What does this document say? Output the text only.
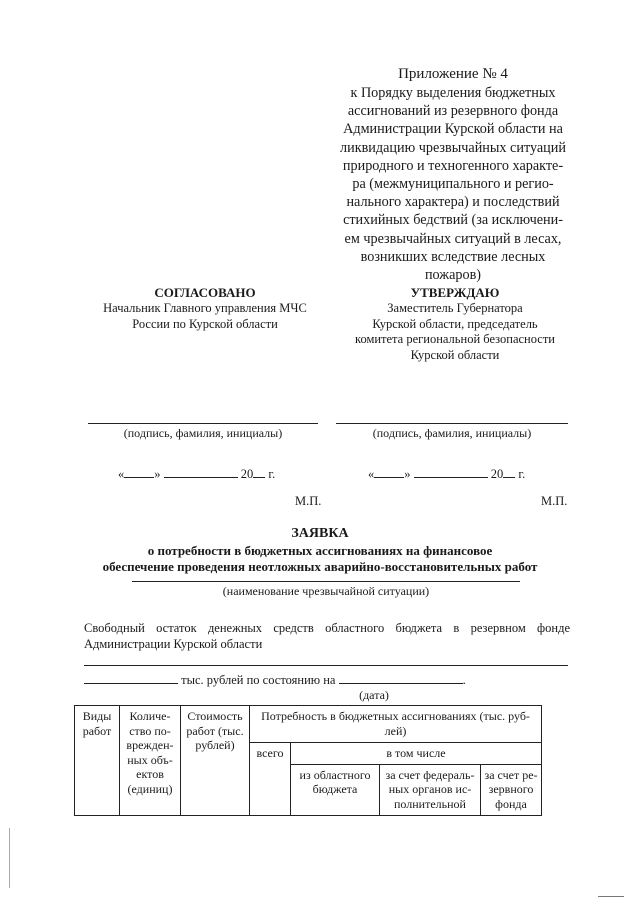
Приложение № 4
к Порядку выделения бюджетных
ассигнований из резервного фонда
Администрации Курской области на
ликвидацию чрезвычайных ситуаций
природного и техногенного характе-
ра (межмуниципального и регио-
нального характера) и последствий
стихийных бедствий (за исключени-
ем чрезвычайных ситуаций в лесах,
возникших вследствие лесных
пожаров)
СОГЛАСОВАНО
Начальник Главного управления МЧС
России по Курской области
УТВЕРЖДАЮ
Заместитель Губернатора
Курской области, председатель
комитета региональной безопасности
Курской области
(подпись, фамилия, инициалы)	(подпись, фамилия, инициалы)
« »	20 г.	« »	20 г.
М.П.	М.П.
ЗАЯВКА
о потребности в бюджетных ассигнованиях на финансовое
обеспечение проведения неотложных аварийно-восстановительных работ
(наименование чрезвычайной ситуации)
Свободный остаток денежных средств областного бюджета в резервном фонде
Администрации Курской области
тыс. рублей по состоянию на	.
(дата)
Виды работ	Количе-ство по-врежден-ных объ-ектов (единиц)	Стоимость работ (тыс. рублей)	Потребность в бюджетных ассигнованиях (тыс. руб-лей)			
			всего	в том числе		
				из областного бюджета	за счет федераль-ных органов ис-полнительной	за счет ре-зервного фонда
